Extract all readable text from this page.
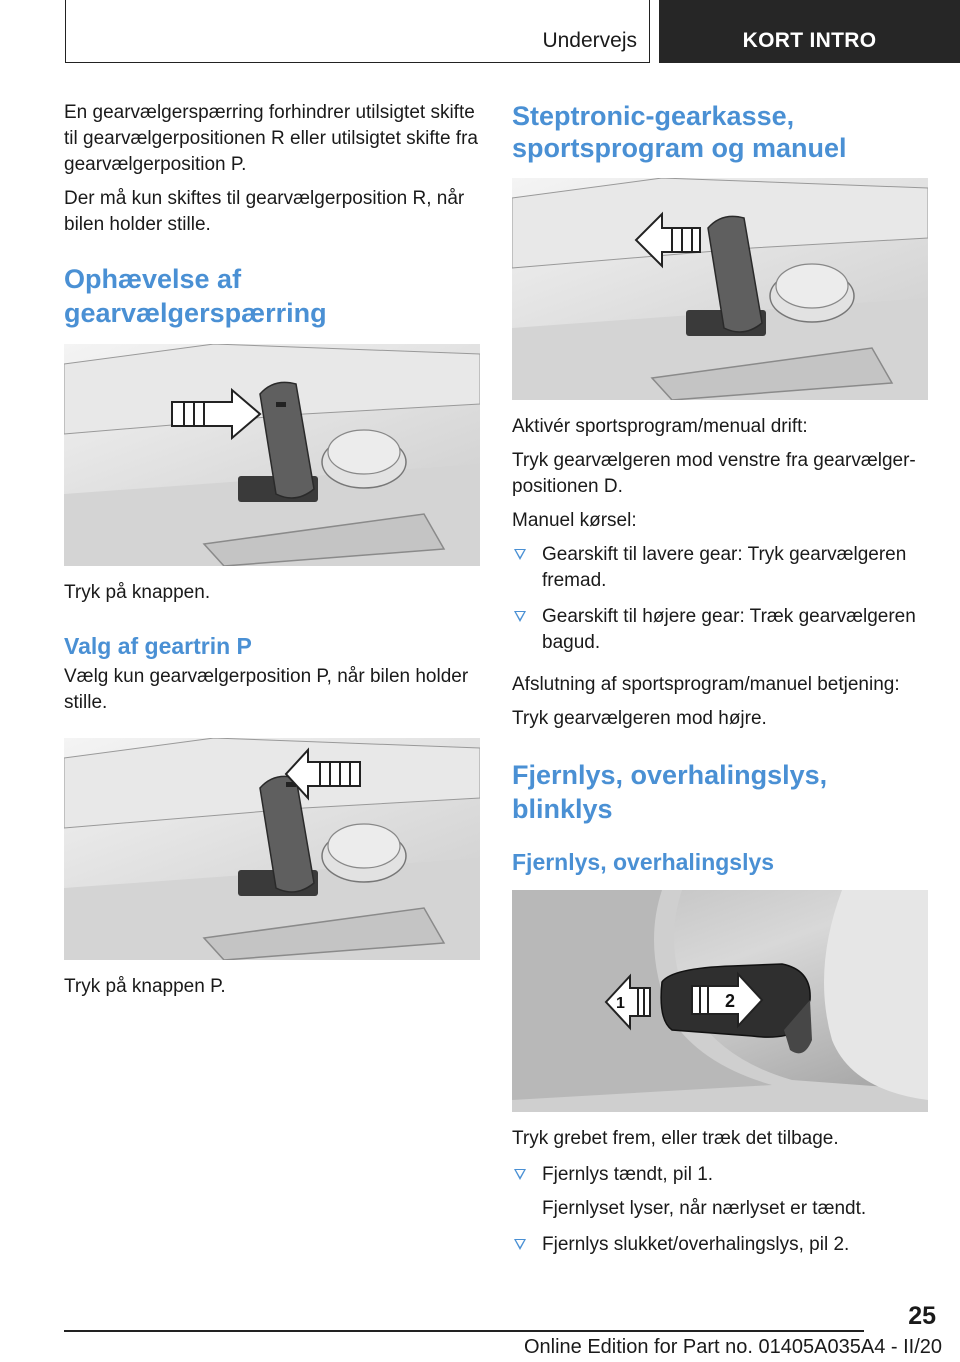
Undervejs	KORT INTRO

En gearvælgerspærring forhindrer utilsigtet skifte til gearvælgerpositionen R eller utilsigtet skifte fra gearvælgerposition P.

Der må kun skiftes til gearvælgerposition R, når bilen holder stille.

Ophævelse af gearvælgerspærring

Tryk på knappen.

Valg af geartrin P

Vælg kun gearvælgerposition P, når bilen holder stille.

Tryk på knappen P.

Steptronic-gearkasse, sportsprogram og manuel

Aktivér sportsprogram/menual drift:

Tryk gearvælgeren mod venstre fra gearvælgerpositionen D.

Manuel kørsel:

Gearskift til lavere gear: Tryk gearvælgeren fremad.
Gearskift til højere gear: Træk gearvælgeren bagud.

Afslutning af sportsprogram/manuel betjening:

Tryk gearvælgeren mod højre.

Fjernlys, overhalingslys, blinklys
Fjernlys, overhalingslys
1	2

Tryk grebet frem, eller træk det tilbage.

Fjernlys tændt, pil 1.
Fjernlyset lyser, når nærlyset er tændt.
Fjernlys slukket/overhalingslys, pil 2.
25
Online Edition for Part no. 01405A035A4 - II/20
